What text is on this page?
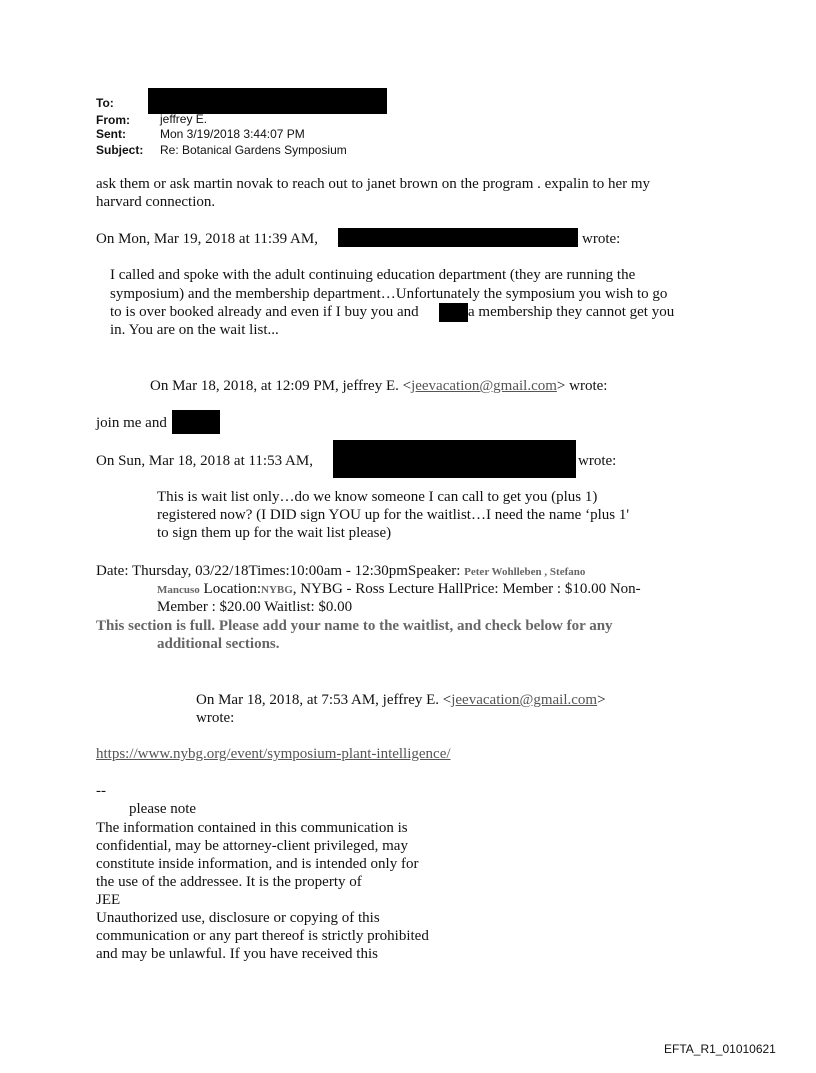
To:
From:	jeffrey E.
Sent:	Mon 3/19/2018 3:44:07 PM
Subject: Re: Botanical Gardens Symposium
ask them or ask martin novak to reach out to janet brown on the program . expalin to her my
harvard connection.
On Mon, Mar 19, 2018 at 11:39 AM,	wrote:
I called and spoke with the adult continuing education department (they are running the
symposium) and the membership department…Unfortunately the symposium you wish to go
to is over booked already and even if I buy you and	a membership they cannot get you
in. You are on the wait list...
On Mar 18, 2018, at 12:09 PM, jeffrey E. <jeevacation@gmail.com> wrote:
join me and
On Sun, Mar 18, 2018 at 11:53 AM,	wrote:
This is wait list only…do we know someone I can call to get you (plus 1)
registered now? (I DID sign YOU up for the waitlist…I need the name ‘plus 1'
to sign them up for the wait list please)
Date: Thursday, 03/22/18Times:10:00am - 12:30pmSpeaker: Peter Wohlleben , Stefano
Mancuso Location:NYBG, NYBG - Ross Lecture HallPrice: Member : $10.00 Non-
Member : $20.00 Waitlist: $0.00
This section is full. Please add your name to the waitlist, and check below for any
additional sections.
On Mar 18, 2018, at 7:53 AM, jeffrey E. <jeevacation@gmail.com>
wrote:
https://www.nybg.org/event/symposium-plant-intelligence/
--
please note
The information contained in this communication is
confidential, may be attorney-client privileged, may
constitute inside information, and is intended only for
the use of the addressee. It is the property of
JEE
Unauthorized use, disclosure or copying of this
communication or any part thereof is strictly prohibited
and may be unlawful. If you have received this
EFTA_R1_01010621
